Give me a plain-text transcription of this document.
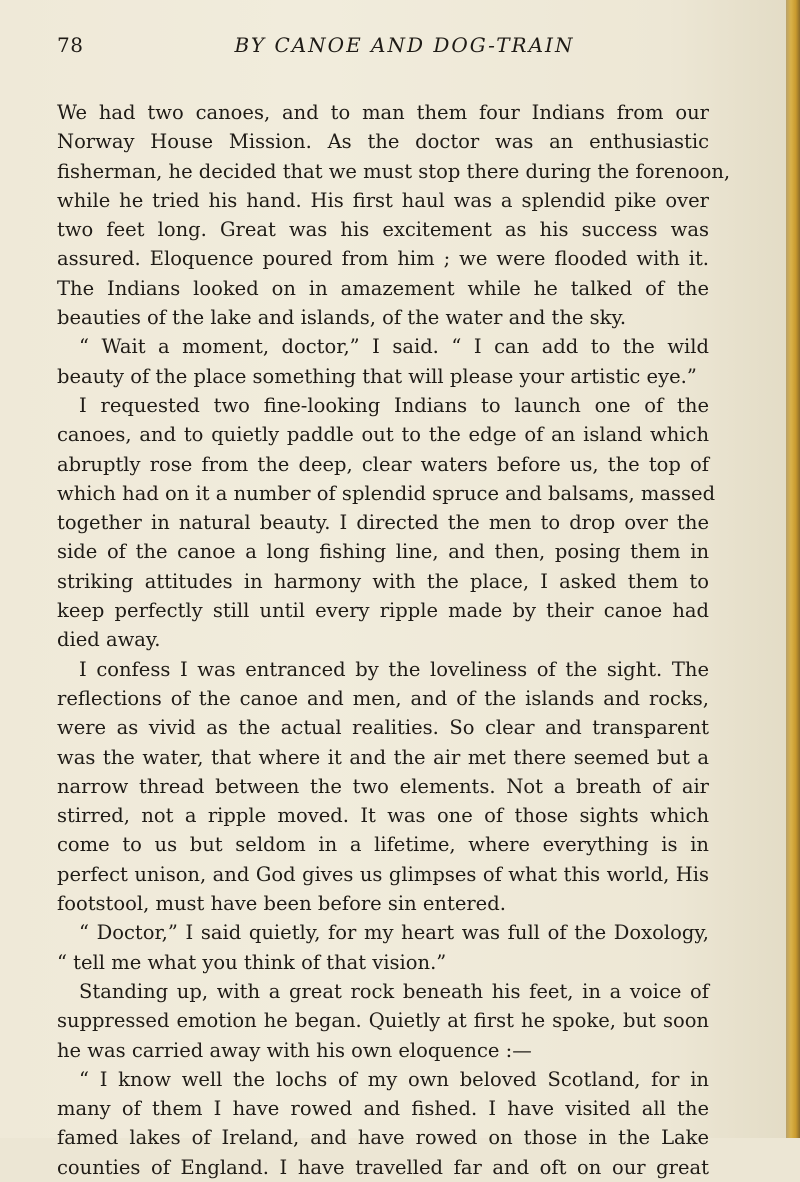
78	BY CANOE AND DOG-TRAIN
We had two canoes, and to man them four Indians from our
Norway House Mission. As the doctor was an enthusiastic
fisherman, he decided that we must stop there during the forenoon,
while he tried his hand. His first haul was a splendid pike over
two feet long. Great was his excitement as his success was
assured. Eloquence poured from him ; we were flooded with it.
The Indians looked on in amazement while he talked of the
beauties of the lake and islands, of the water and the sky.
“ Wait a moment, doctor,” I said. “ I can add to the wild
beauty of the place something that will please your artistic eye.”
I requested two fine-looking Indians to launch one of the
canoes, and to quietly paddle out to the edge of an island which
abruptly rose from the deep, clear waters before us, the top of
which had on it a number of splendid spruce and balsams, massed
together in natural beauty. I directed the men to drop over the
side of the canoe a long fishing line, and then, posing them in
striking attitudes in harmony with the place, I asked them to
keep perfectly still until every ripple made by their canoe had
died away.
I confess I was entranced by the loveliness of the sight. The
reflections of the canoe and men, and of the islands and rocks,
were as vivid as the actual realities. So clear and transparent
was the water, that where it and the air met there seemed but a
narrow thread between the two elements. Not a breath of air
stirred, not a ripple moved. It was one of those sights which
come to us but seldom in a lifetime, where everything is in
perfect unison, and God gives us glimpses of what this world, His
footstool, must have been before sin entered.
“ Doctor,” I said quietly, for my heart was full of the Doxology,
“ tell me what you think of that vision.”
Standing up, with a great rock beneath his feet, in a voice of
suppressed emotion he began. Quietly at first he spoke, but soon
he was carried away with his own eloquence :—
“ I know well the lochs of my own beloved Scotland, for in
many of them I have rowed and fished. I have visited all the
famed lakes of Ireland, and have rowed on those in the Lake
counties of England. I have travelled far and oft on our great
